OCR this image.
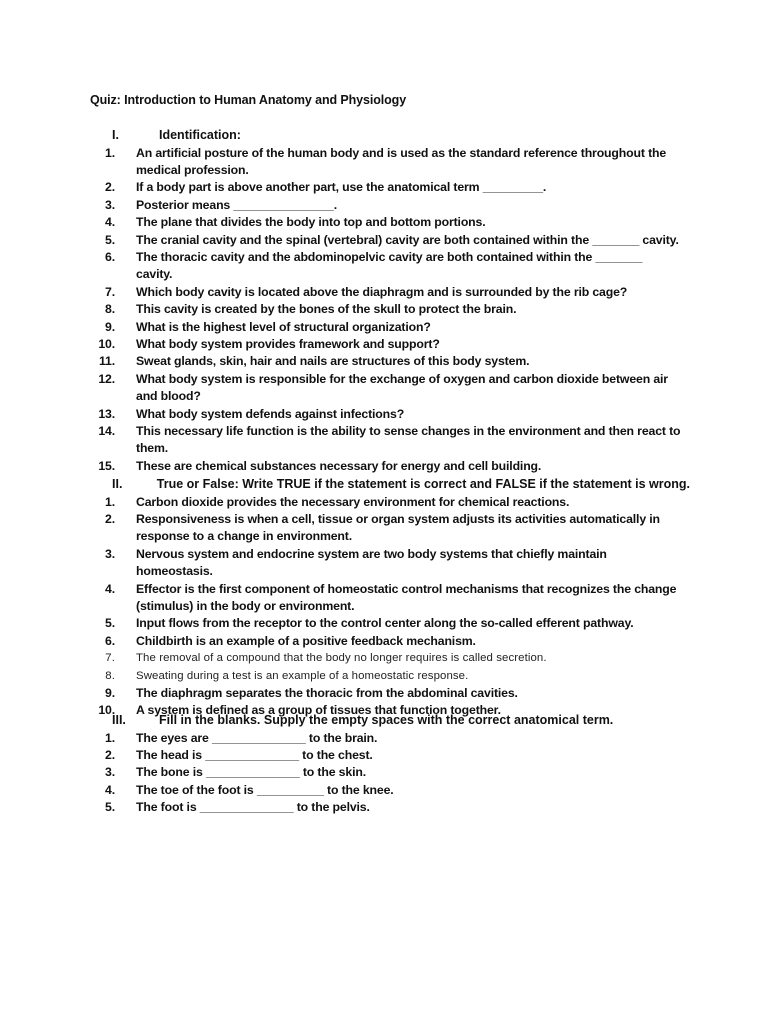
Quiz: Introduction to Human Anatomy and Physiology
I.	Identification:
1.	An artificial posture of the human body and is used as the standard reference throughout the medical profession.
2.	If a body part is above another part, use the anatomical term _________.
3.	Posterior means _______________.
4.	The plane that divides the body into top and bottom portions.
5.	The cranial cavity and the spinal (vertebral) cavity are both contained within the _______ cavity.
6.	The thoracic cavity and the abdominopelvic cavity are both contained within the _______ cavity.
7.	Which body cavity is located above the diaphragm and is surrounded by the rib cage?
8.	This cavity is created by the bones of the skull to protect the brain.
9.	What is the highest level of structural organization?
10.	What body system provides framework and support?
11.	Sweat glands, skin, hair and nails are structures of this body system.
12.	What body system is responsible for the exchange of oxygen and carbon dioxide between air and blood?
13.	What body system defends against infections?
14.	This necessary life function is the ability to sense changes in the environment and then react to them.
15.	These are chemical substances necessary for energy and cell building.
II.	True or False: Write TRUE if the statement is correct and FALSE if the statement is wrong.
1.	Carbon dioxide provides the necessary environment for chemical reactions.
2.	Responsiveness is when a cell, tissue or organ system adjusts its activities automatically in response to a change in environment.
3.	Nervous system and endocrine system are two body systems that chiefly maintain homeostasis.
4.	Effector is the first component of homeostatic control mechanisms that recognizes the change (stimulus) in the body or environment.
5.	Input flows from the receptor to the control center along the so-called efferent pathway.
6.	Childbirth is an example of a positive feedback mechanism.
7.	The removal of a compound that the body no longer requires is called secretion.
8.	Sweating during a test is an example of a homeostatic response.
9.	The diaphragm separates the thoracic from the abdominal cavities.
10.	A system is defined as a group of tissues that function together.
III.	Fill in the blanks. Supply the empty spaces with the correct anatomical term.
1.	The eyes are ______________ to the brain.
2.	The head is ______________ to the chest.
3.	The bone is ______________ to the skin.
4.	The toe of the foot is __________ to the knee.
5.	The foot is ______________ to the pelvis.
